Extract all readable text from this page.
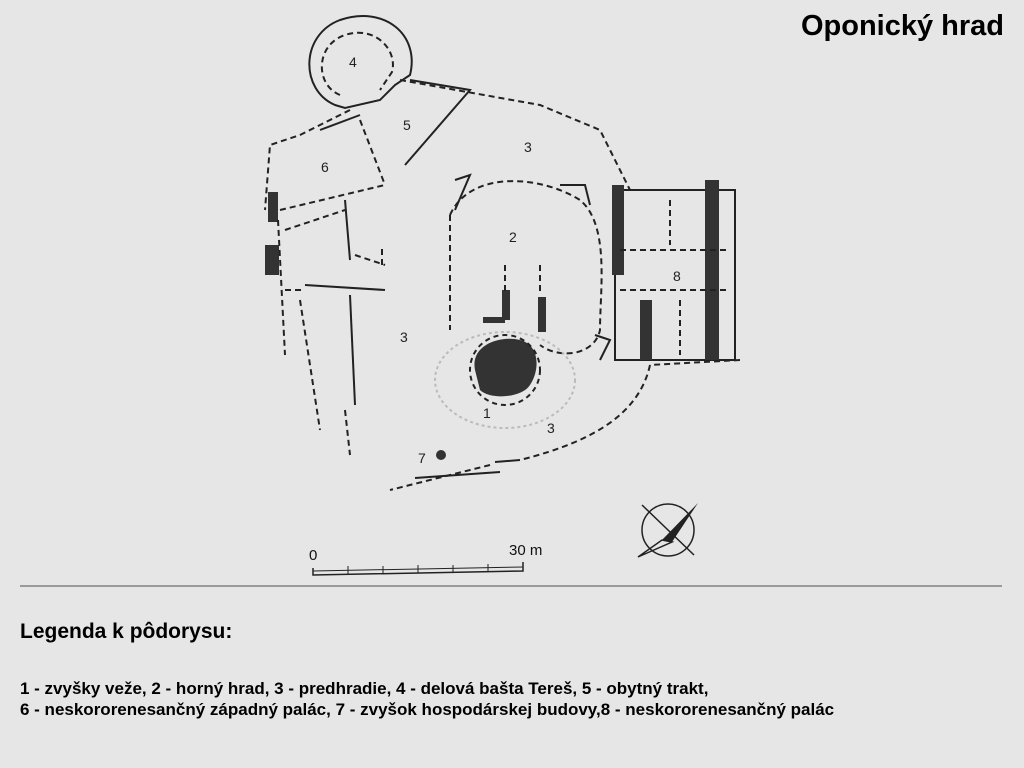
Oponický hrad
4
5
3
6
2
8
3
1
3
7
0	30 m
Legenda k pôdorysu:

1 - zvyšky veže, 2 - horný hrad, 3 - predhradie, 4 - delová bašta Tereš, 5 - obytný trakt,
6 - neskororenesančný západný palác, 7 - zvyšok hospodárskej budovy,8 - neskororenesančný palác
